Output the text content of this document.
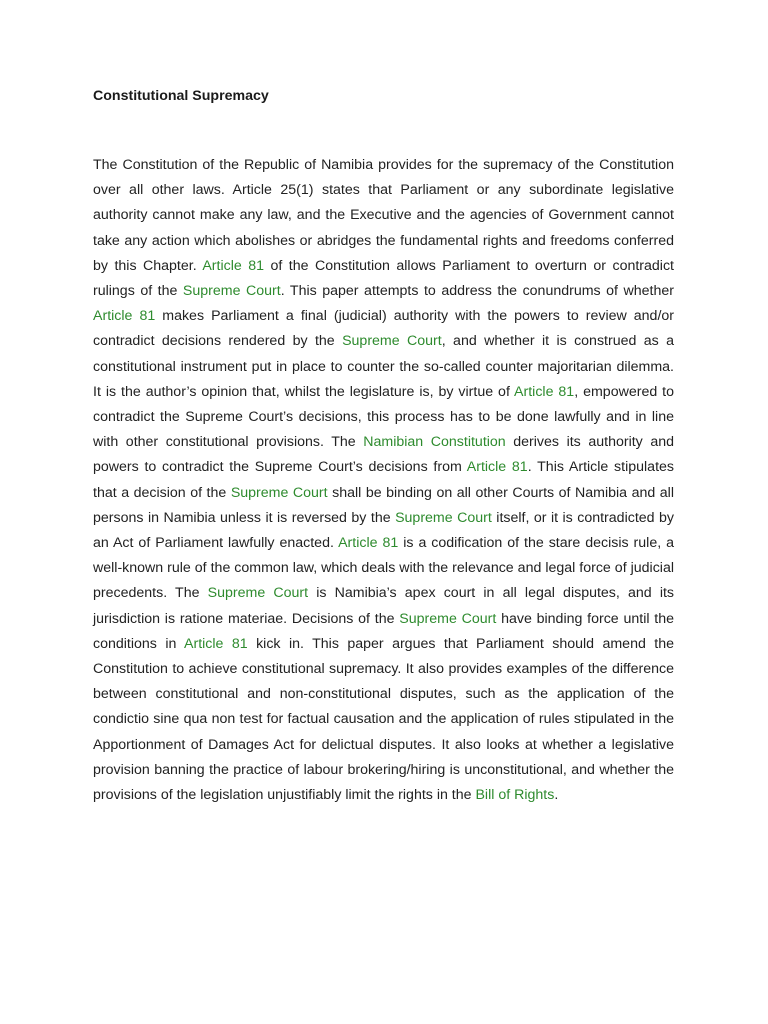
Constitutional Supremacy

The Constitution of the Republic of Namibia provides for the supremacy of the Constitution over all other laws. Article 25(1) states that Parliament or any subordinate legislative authority cannot make any law, and the Executive and the agencies of Government cannot take any action which abolishes or abridges the fundamental rights and freedoms conferred by this Chapter. Article 81 of the Constitution allows Parliament to overturn or contradict rulings of the Supreme Court. This paper attempts to address the conundrums of whether Article 81 makes Parliament a final (judicial) authority with the powers to review and/or contradict decisions rendered by the Supreme Court, and whether it is construed as a constitutional instrument put in place to counter the so-called counter majoritarian dilemma. It is the author’s opinion that, whilst the legislature is, by virtue of Article 81, empowered to contradict the Supreme Court’s decisions, this process has to be done lawfully and in line with other constitutional provisions. The Namibian Constitution derives its authority and powers to contradict the Supreme Court’s decisions from Article 81. This Article stipulates that a decision of the Supreme Court shall be binding on all other Courts of Namibia and all persons in Namibia unless it is reversed by the Supreme Court itself, or it is contradicted by an Act of Parliament lawfully enacted. Article 81 is a codification of the stare decisis rule, a well-known rule of the common law, which deals with the relevance and legal force of judicial precedents. The Supreme Court is Namibia’s apex court in all legal disputes, and its jurisdiction is ratione materiae. Decisions of the Supreme Court have binding force until the conditions in Article 81 kick in. This paper argues that Parliament should amend the Constitution to achieve constitutional supremacy. It also provides examples of the difference between constitutional and non-constitutional disputes, such as the application of the condictio sine qua non test for factual causation and the application of rules stipulated in the Apportionment of Damages Act for delictual disputes. It also looks at whether a legislative provision banning the practice of labour brokering/hiring is unconstitutional, and whether the provisions of the legislation unjustifiably limit the rights in the Bill of Rights.
